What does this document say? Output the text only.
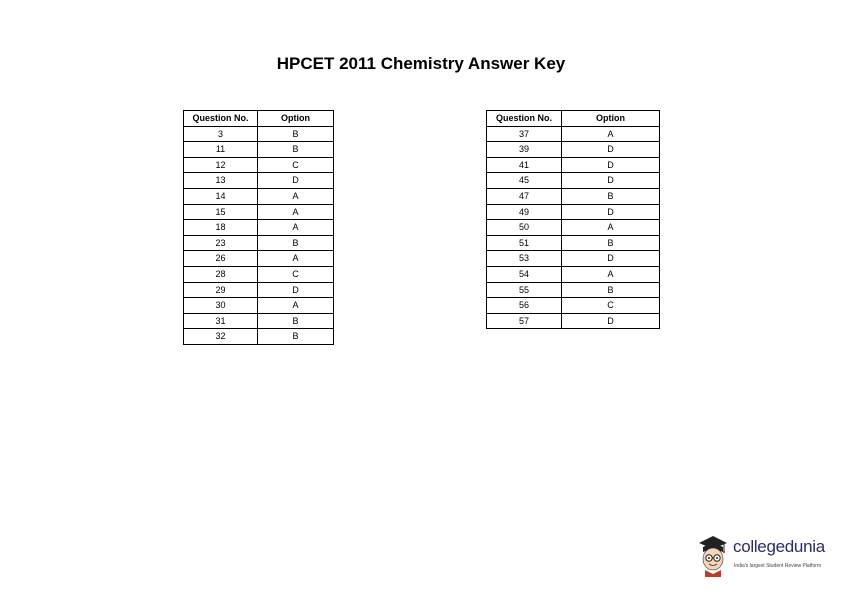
HPCET 2011 Chemistry Answer Key
Question No.	Option
3	B
11	B
12	C
13	D
14	A
15	A
18	A
23	B
26	A
28	C
29	D
30	A
31	B
32	B
Question No.	Option
37	A
39	D
41	D
45	D
47	B
49	D
50	A
51	B
53	D
54	A
55	B
56	C
57	D
collegedunia
India's largest Student Review Platform
